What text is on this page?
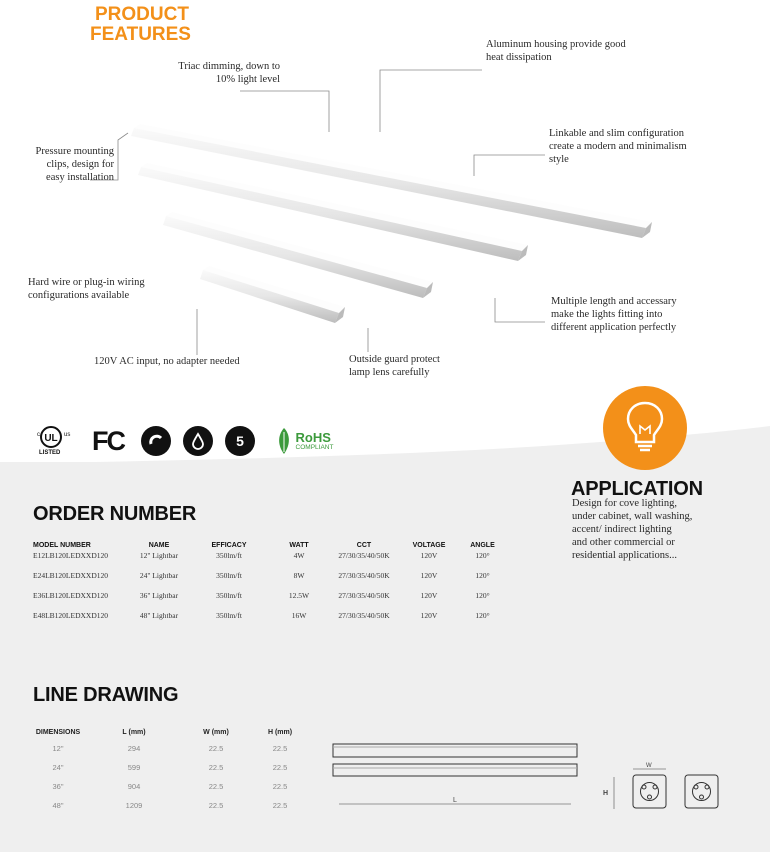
PRODUCT
FEATURES
Triac dimming, down to
10% light level
Aluminum housing provide good
heat dissipation
Pressure mounting
clips, design for
easy installation
Linkable and slim configuration
create a modern and minimalism
style
Hard wire or plug-in wiring
configurations available
Multiple length and accessary
make the lights fitting into
different application perfectly
120V AC input, no adapter needed	Outside guard protect
lamp lens carefully
UL
c	us
LISTED FC	5	RoHS
COMPLIANT
APPLICATION
Design for cove lighting,
under cabinet, wall washing,
accent/ indirect lighting
and other commercial or
residential applications...
ORDER NUMBER
MODEL NUMBER	NAME	EFFICACY	WATT	CCT	VOLTAGE	ANGLE
E12LB120LEDXXD120	12" Lightbar	350lm/ft	4W	27/30/35/40/50K	120V	120°
E24LB120LEDXXD120	24" Lightbar	350lm/ft	8W	27/30/35/40/50K	120V	120°
E36LB120LEDXXD120	36" Lightbar	350lm/ft	12.5W	27/30/35/40/50K	120V	120°
E48LB120LEDXXD120	48" Lightbar	350lm/ft	16W	27/30/35/40/50K	120V	120°
LINE DRAWING
DIMENSIONS	L (mm)	W (mm)	H (mm)
12"	294	22.5	22.5
24"	599	22.5	22.5
36"	904	22.5	22.5
48"	1209	22.5	22.5
L
W
H
